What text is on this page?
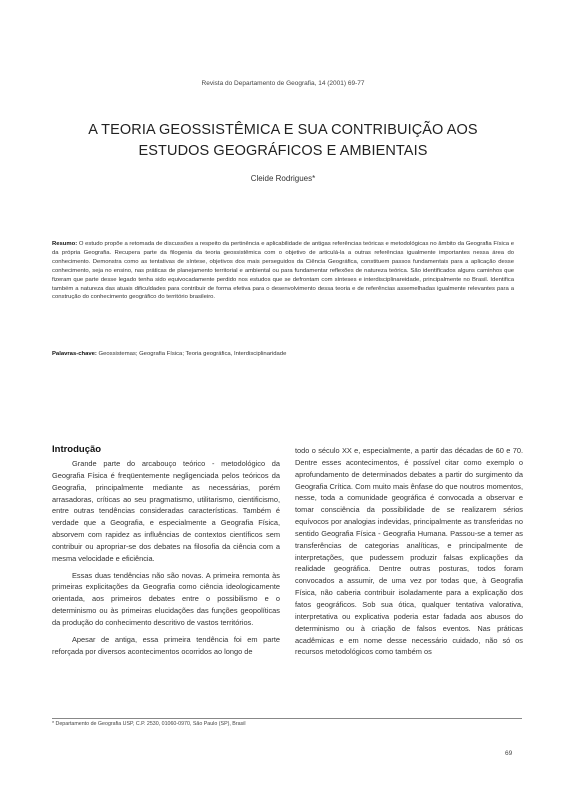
Revista do Departamento de Geografia, 14 (2001) 69-77
A TEORIA GEOSSISTÊMICA E SUA CONTRIBUIÇÃO AOS
ESTUDOS GEOGRÁFICOS E AMBIENTAIS
Cleide Rodrigues*
Resumo: O estudo propõe a retomada de discussões a respeito da pertinência e aplicabilidade de antigas referências teóricas e metodológicas no âmbito da Geografia Física e da própria Geografia. Recupera parte da filogenia da teoria geossistêmica com o objetivo de articulá-la a outras referências igualmente importantes nessa área do conhecimento. Demonstra como as tentativas de síntese, objetivos dos mais perseguidos da Ciência Geográfica, constituem passos fundamentais para a aplicação desse conhecimento, seja no ensino, nas práticas de planejamento territorial e ambiental ou para fundamentar reflexões de natureza teórica. São identificados alguns caminhos que fizeram que parte desse legado tenha sido equivocadamente perdido nos estudos que se defrontam com sínteses e interdisciplinareidade, principalmente no Brasil. Identifica também a natureza das atuais dificuldades para contribuir de forma efetiva para o desenvolvimento dessa teoria e de referências assemelhadas igualmente relevantes para a construção do conhecimento geográfico do território brasileiro.
Palavras-chave: Geossistemas; Geografia Física; Teoria geográfica, Interdisciplinaridade
Introdução

Grande parte do arcabouço teórico - metodológico da Geografia Física é freqüentemente negligenciada pelos teóricos da Geografia, principalmente mediante as necessárias, porém arrasadoras, críticas ao seu pragmatismo, utilitarismo, cientificismo, entre outras tendências consideradas características. Também é verdade que a Geografia, e especialmente a Geografia Física, absorvem com rapidez as influências de contextos científicos sem contribuir ou apropriar-se dos debates na filosofia da ciência com a mesma velocidade e eficiência.

Essas duas tendências não são novas. A primeira remonta às primeiras explicitações da Geografia como ciência ideologicamente orientada, aos primeiros debates entre o possibilismo e o determinismo ou às primeiras elucidações das funções geopolíticas da produção do conhecimento descritivo de vastos territórios.

Apesar de antiga, essa primeira tendência foi em parte reforçada por diversos acontecimentos ocorridos ao longo de

todo o século XX e, especialmente, a partir das décadas de 60 e 70. Dentre esses acontecimentos, é possível citar como exemplo o aprofundamento de determinados debates a partir do surgimento da Geografia Crítica. Com muito mais ênfase do que noutros momentos, nesse, toda a comunidade geográfica é convocada a observar e tomar consciência da possibilidade de se realizarem sérios equívocos por analogias indevidas, principalmente as transferidas no sentido Geografia Física - Geografia Humana. Passou-se a temer as transferências de categorias analíticas, e principalmente de interpretações, que pudessem produzir falsas explicações da realidade geográfica. Dentre outras posturas, todos foram convocados a assumir, de uma vez por todas que, à Geografia Física, não caberia contribuir isoladamente para a explicação dos fatos geográficos. Sob sua ótica, qualquer tentativa valorativa, interpretativa ou explicativa poderia estar fadada aos abusos do determinismo ou à criação de falsos eventos. Nas práticas acadêmicas e em nome desse necessário cuidado, não só os recursos metodológicos como também os

* Departamento de Geografia USP, C.P. 2530, 01060-0970, São Paulo (SP), Brasil
69
